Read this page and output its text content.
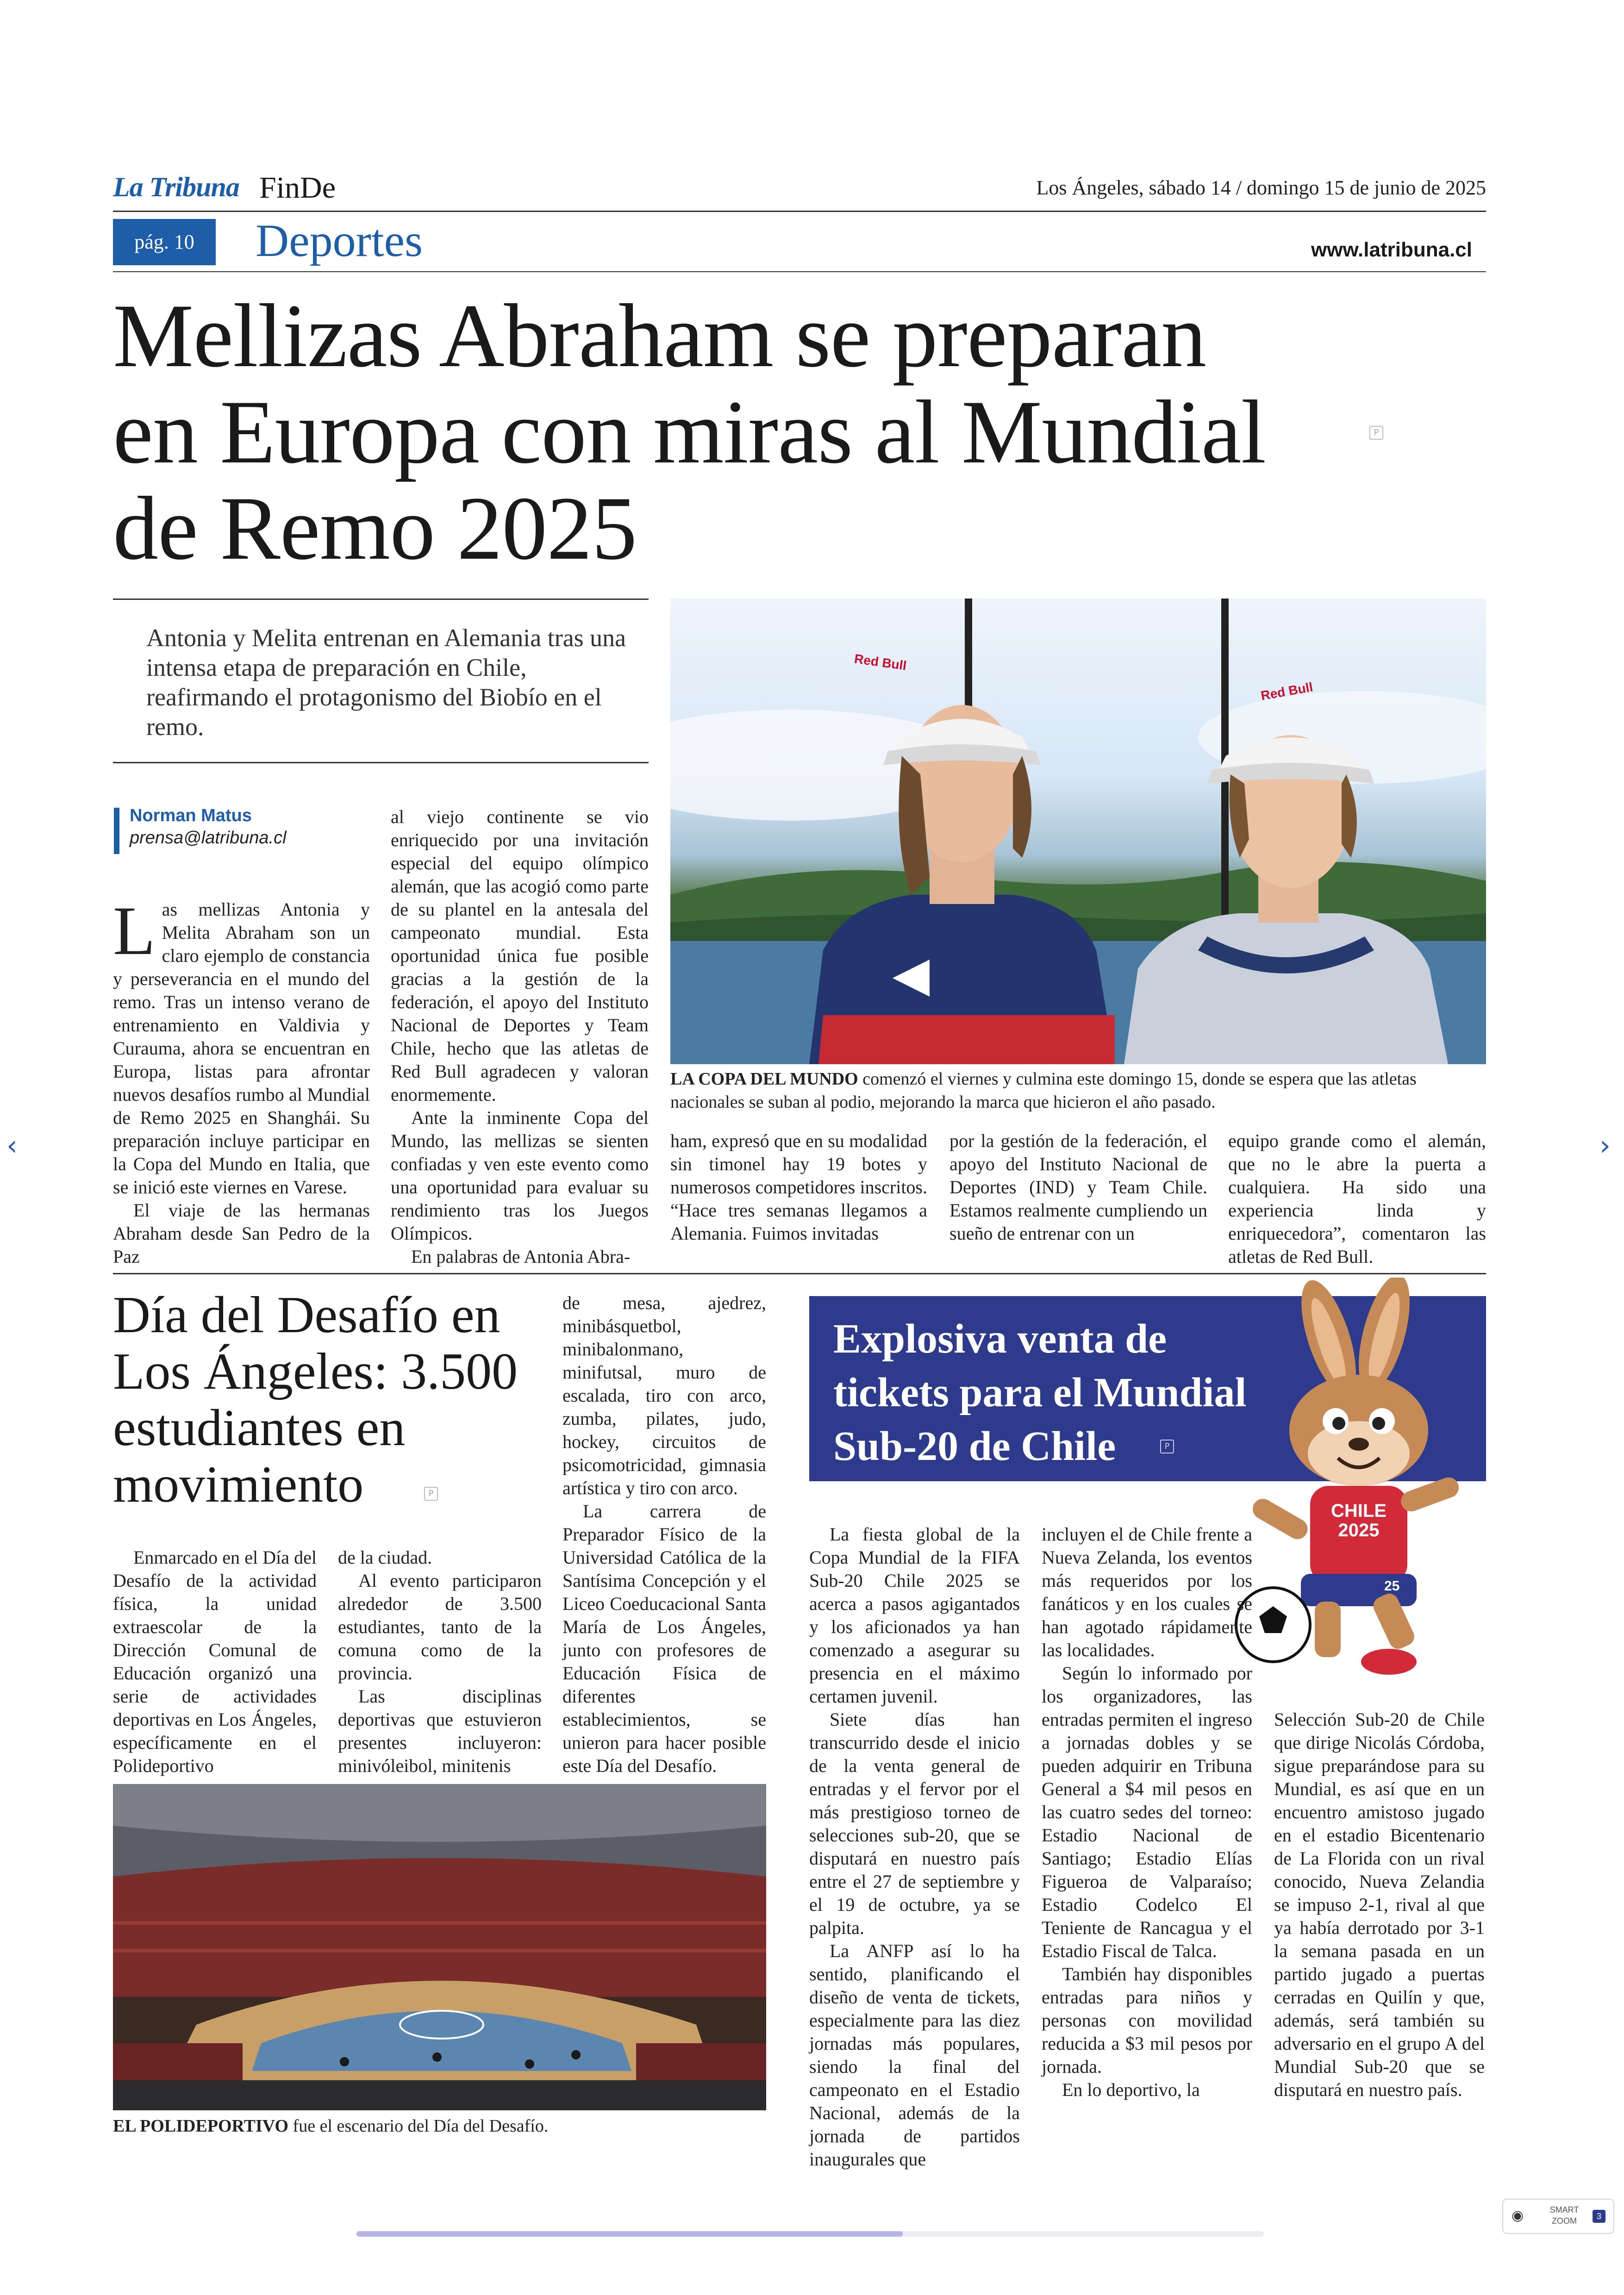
‹	›
La Tribuna FinDe	Los Ángeles, sábado 14 / domingo 15 de junio de 2025
pág. 10	Deportes	www.latribuna.cl
Mellizas Abraham se preparan
en Europa con miras al Mundial
de Remo 2025
P
Antonia y Melita entrenan en Alemania tras una intensa etapa de preparación en Chile, reafirmando el protagonismo del Biobío en el remo.
Norman Matus
prensa@latribuna.cl

Las mellizas Antonia y Melita Abraham son un claro ejemplo de constancia y perseverancia en el mundo del remo. Tras un intenso verano de entrenamiento en Valdivia y Curauma, ahora se encuentran en Europa, listas para afrontar nuevos desafíos rumbo al Mundial de Remo 2025 en Shanghái. Su preparación incluye participar en la Copa del Mundo en Italia, que se inició este viernes en Varese.

El viaje de las hermanas Abraham desde San Pedro de la Paz

al viejo continente se vio enriquecido por una invitación especial del equipo olímpico alemán, que las acogió como parte de su plantel en la antesala del campeonato mundial. Esta oportunidad única fue posible gracias a la gestión de la federación, el apoyo del Instituto Nacional de Deportes y Team Chile, hecho que las atletas de Red Bull agradecen y valoran enormemente.

Ante la inminente Copa del Mundo, las mellizas se sienten confiadas y ven este evento como una oportunidad para evaluar su rendimiento tras los Juegos Olímpicos.

En palabras de Antonia Abra-

Red Bull
Red Bull
LA COPA DEL MUNDO comenzó el viernes y culmina este domingo 15, donde se espera que las atletas nacionales se suban al podio, mejorando la marca que hicieron el año pasado.

ham, expresó que en su modalidad sin timonel hay 19 botes y numerosos competidores inscritos. “Hace tres semanas llegamos a Alemania. Fuimos invitadas

por la gestión de la federación, el apoyo del Instituto Nacional de Deportes (IND) y Team Chile. Estamos realmente cumpliendo un sueño de entrenar con un

equipo grande como el alemán, que no le abre la puerta a cualquiera. Ha sido una experiencia linda y enriquecedora”, comentaron las atletas de Red Bull.

Día del Desafío en
Los Ángeles: 3.500
estudiantes en
movimiento	P

Enmarcado en el Día del Desafío de la actividad física, la unidad extraescolar de la Dirección Comunal de Educación organizó una serie de actividades deportivas en Los Ángeles, específicamente en el Polideportivo

de la ciudad.

Al evento participaron alrededor de 3.500 estudiantes, tanto de la comuna como de la provincia.

Las disciplinas deportivas que estuvieron presentes incluyeron: minivóleibol, minitenis

de mesa, ajedrez, minibásquetbol, minibalonmano, minifutsal, muro de escalada, tiro con arco, zumba, pilates, judo, hockey, circuitos de psicomotricidad, gimnasia artística y tiro con arco.

La carrera de Preparador Físico de la Universidad Católica de la Santísima Concepción y el Liceo Coeducacional Santa María de Los Ángeles, junto con profesores de Educación Física de diferentes establecimientos, se unieron para hacer posible este Día del Desafío.

EL POLIDEPORTIVO fue el escenario del Día del Desafío.
Explosiva venta de
tickets para el Mundial
Sub-20 de Chile	P
CHILE
2025
25

La fiesta global de la Copa Mundial de la FIFA Sub-20 Chile 2025 se acerca a pasos agigantados y los aficionados ya han comenzado a asegurar su presencia en el máximo certamen juvenil.

Siete días han transcurrido desde el inicio de la venta general de entradas y el fervor por el más prestigioso torneo de selecciones sub-20, que se disputará en nuestro país entre el 27 de septiembre y el 19 de octubre, ya se palpita.

La ANFP así lo ha sentido, planificando el diseño de venta de tickets, especialmente para las diez jornadas más populares, siendo la final del campeonato en el Estadio Nacional, además de la jornada de partidos inaugurales que

incluyen el de Chile frente a Nueva Zelanda, los eventos más requeridos por los fanáticos y en los cuales se han agotado rápidamente las localidades.

Según lo informado por los organizadores, las entradas permiten el ingreso a jornadas dobles y se pueden adquirir en Tribuna General a $4 mil pesos en las cuatro sedes del torneo: Estadio Nacional de Santiago; Estadio Elías Figueroa de Valparaíso; Estadio Codelco El Teniente de Rancagua y el Estadio Fiscal de Talca.

También hay disponibles entradas para niños y personas con movilidad reducida a $3 mil pesos por jornada.

En lo deportivo, la

Selección Sub-20 de Chile que dirige Nicolás Córdoba, sigue preparándose para su Mundial, es así que en un encuentro amistoso jugado en el estadio Bicentenario de La Florida con un rival conocido, Nueva Zelandia se impuso 2-1, rival al que ya había derrotado por 3-1 la semana pasada en un partido jugado a puertas cerradas en Quilín y que, además, será también su adversario en el grupo A del Mundial Sub-20 que se disputará en nuestro país.

◉	SMART
ZOOM	3
